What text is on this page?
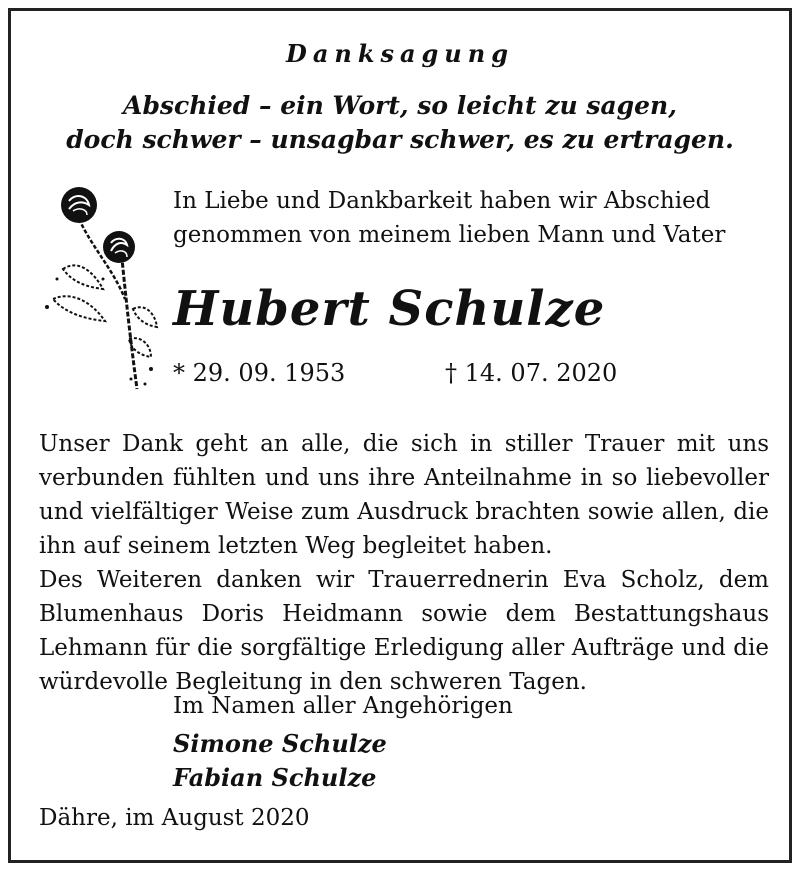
Danksagung
Abschied – ein Wort, so leicht zu sagen,
doch schwer – unsagbar schwer, es zu ertragen.
In Liebe und Dankbarkeit haben wir Abschied
genommen von meinem lieben Mann und Vater
Hubert Schulze
* 29. 09. 1953	† 14. 07. 2020

Unser Dank geht an alle, die sich in stiller Trauer mit uns verbunden fühlten und uns ihre Anteilnahme in so liebevoller und vielfältiger Weise zum Ausdruck brachten sowie allen, die ihn auf seinem letzten Weg begleitet haben.

Des Weiteren danken wir Trauerrednerin Eva Scholz, dem Blumenhaus Doris Heidmann sowie dem Bestattungshaus Lehmann für die sorgfältige Erledigung aller Aufträge und die würdevolle Begleitung in den schweren Tagen.

Im Namen aller Angehörigen
Simone Schulze
Fabian Schulze
Dähre, im August 2020
